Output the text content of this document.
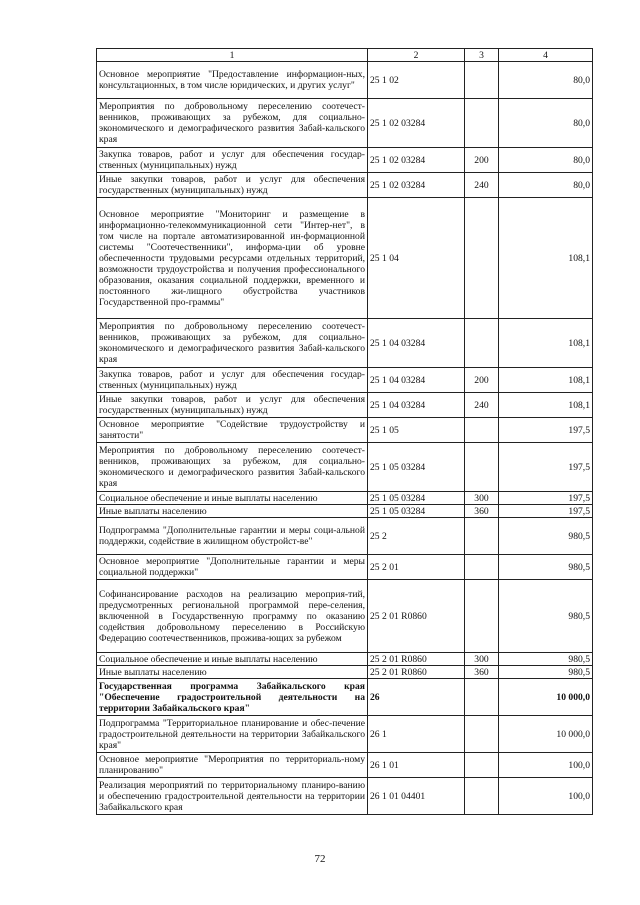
1	2	3	4
Основное мероприятие "Предоставление информацион-ных, консультационных, в том числе юридических, и других услуг"	25 1 02		80,0
Мероприятия по добровольному переселению соотечест-венников, проживающих за рубежом, для социально-экономического и демографического развития Забай-кальского края	25 1 02 03284		80,0
Закупка товаров, работ и услуг для обеспечения государ-ственных (муниципальных) нужд	25 1 02 03284	200	80,0
Иные закупки товаров, работ и услуг для обеспечения государственных (муниципальных) нужд	25 1 02 03284	240	80,0
Основное мероприятие "Мониторинг и размещение в информационно-телекоммуникационной сети "Интер-нет", в том числе на портале автоматизированной ин-формационной системы "Соотечественники", информа-ции об уровне обеспеченности трудовыми ресурсами отдельных территорий, возможности трудоустройства и получения профессионального образования, оказания социальной поддержки, временного и постоянного жи-лищного обустройства участников Государственной про-граммы"	25 1 04		108,1
Мероприятия по добровольному переселению соотечест-венников, проживающих за рубежом, для социально-экономического и демографического развития Забай-кальского края	25 1 04 03284		108,1
Закупка товаров, работ и услуг для обеспечения государ-ственных (муниципальных) нужд	25 1 04 03284	200	108,1
Иные закупки товаров, работ и услуг для обеспечения государственных (муниципальных) нужд	25 1 04 03284	240	108,1
Основное мероприятие "Содействие трудоустройству и занятости"	25 1 05		197,5
Мероприятия по добровольному переселению соотечест-венников, проживающих за рубежом, для социально-экономического и демографического развития Забай-кальского края	25 1 05 03284		197,5
Социальное обеспечение и иные выплаты населению	25 1 05 03284	300	197,5
Иные выплаты населению	25 1 05 03284	360	197,5
Подпрограмма "Дополнительные гарантии и меры соци-альной поддержки, содействие в жилищном обустройст-ве"	25 2		980,5
Основное мероприятие "Дополнительные гарантии и меры социальной поддержки"	25 2 01		980,5
Софинансирование расходов на реализацию мероприя-тий, предусмотренных региональной программой пере-селения, включенной в Государственную программу по оказанию содействия добровольному переселению в Российскую Федерацию соотечественников, прожива-ющих за рубежом	25 2 01 R0860		980,5
Социальное обеспечение и иные выплаты населению	25 2 01 R0860	300	980,5
Иные выплаты населению	25 2 01 R0860	360	980,5
Государственная программа Забайкальского края "Обеспечение градостроительной деятельности на территории Забайкальского края"	26		10 000,0
Подпрограмма "Территориальное планирование и обес-печение градостроительной деятельности на территории Забайкальского края"	26 1		10 000,0
Основное мероприятие "Мероприятия по территориаль-ному планированию"	26 1 01		100,0
Реализация мероприятий по территориальному планиро-ванию и обеспечению градостроительной деятельности на территории Забайкальского края	26 1 01 04401		100,0
72
